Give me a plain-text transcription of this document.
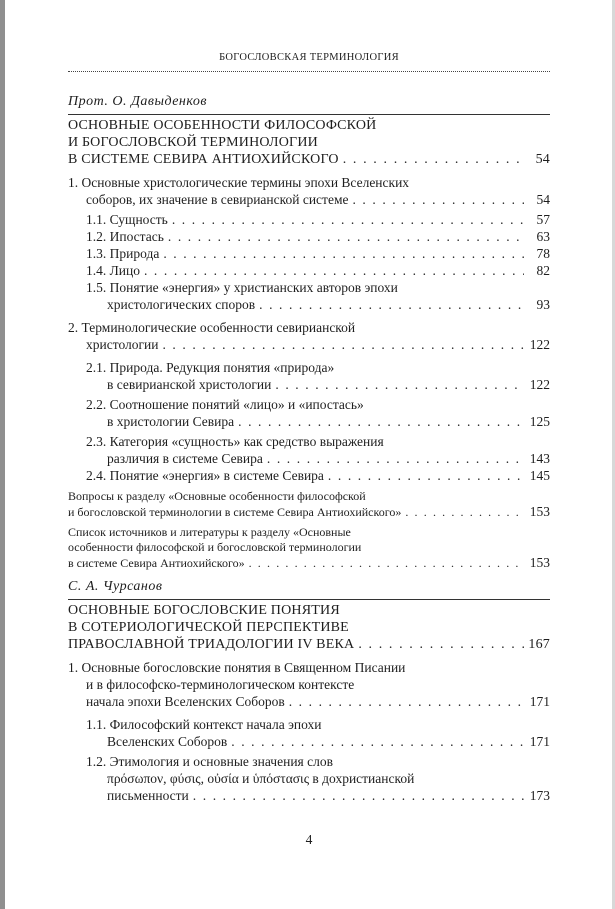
БОГОСЛОВСКАЯ ТЕРМИНОЛОГИЯ
Прот. О. Давыденков
ОСНОВНЫЕ ОСОБЕННОСТИ ФИЛОСОФСКОЙ
И БОГОСЛОВСКОЙ ТЕРМИНОЛОГИИ
В СИСТЕМЕ СЕВИРА АНТИОХИЙСКОГО . . .	54
1. Основные христологические термины эпохи Вселенских
соборов, их значение в севирианской системе . . .	54
1.1. Сущность . . .	57
1.2. Ипостась . . .	63
1.3. Природа . . .	78
1.4. Лицо . . .	82
1.5. Понятие «энергия» у христианских авторов эпохи
христологических споров . . .	93
2. Терминологические особенности севирианской
христологии . . .	122
2.1. Природа. Редукция понятия «природа»
в севирианской христологии . . .	122
2.2. Соотношение понятий «лицо» и «ипостась»
в христологии Севира . . .	125
2.3. Категория «сущность» как средство выражения
различия в системе Севира . . .	143
2.4. Понятие «энергия» в системе Севира . . .	145
Вопросы к разделу «Основные особенности философской
и богословской терминологии в системе Севира Антиохийского» . . .	153
Список источников и литературы к разделу «Основные
особенности философской и богословской терминологии
в системе Севира Антиохийского» . . .	153
С. А. Чурсанов
ОСНОВНЫЕ БОГОСЛОВСКИЕ ПОНЯТИЯ
В СОТЕРИОЛОГИЧЕСКОЙ ПЕРСПЕКТИВЕ
ПРАВОСЛАВНОЙ ТРИАДОЛОГИИ IV ВЕКА . . .	167
1. Основные богословские понятия в Священном Писании
и в философско-терминологическом контексте
начала эпохи Вселенских Соборов . . .	171
1.1. Философский контекст начала эпохи
Вселенских Соборов . . .	171
1.2. Этимология и основные значения слов
πρόσωπον, φύσις, οὐσία и ὑπόστασις в дохристианской
письменности . . .	173
4
